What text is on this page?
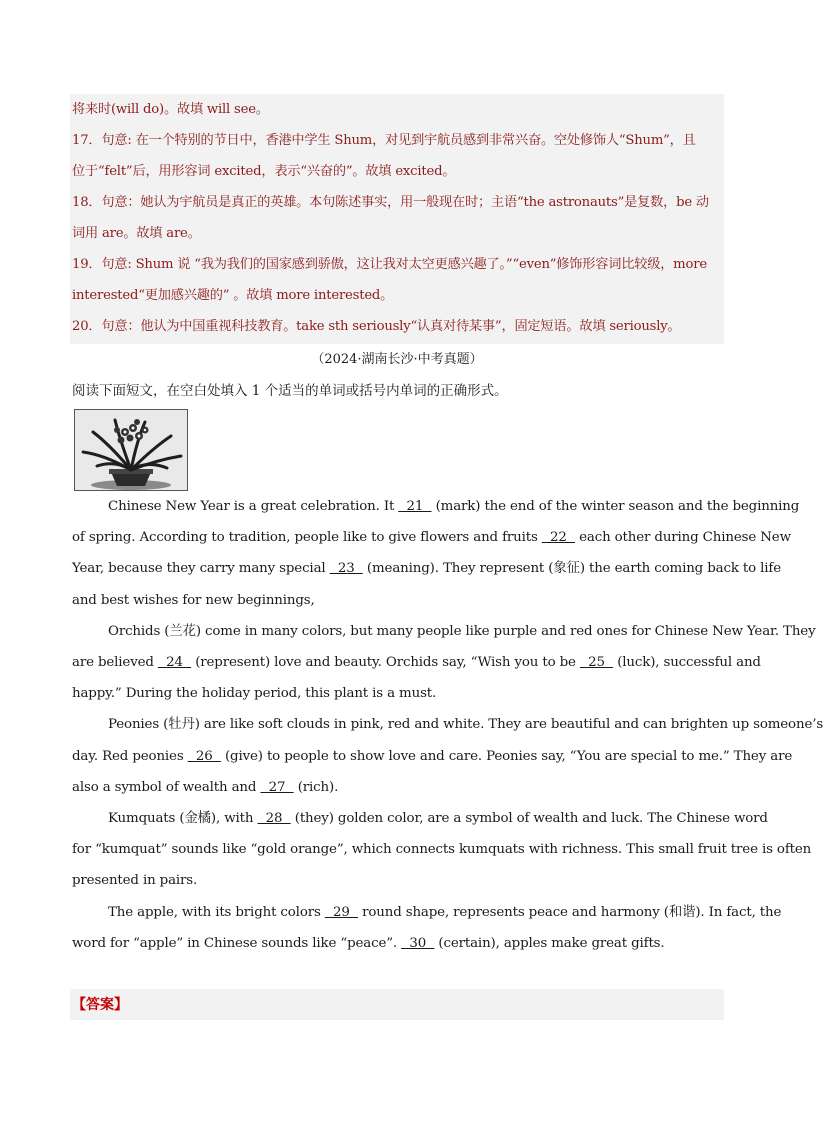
将来时(will do)。故填 will see。

17．句意: 在一个特别的节日中，香港中学生 Shum，对见到宇航员感到非常兴奋。空处修饰人“Shum”，且

位于“felt”后，用形容词 excited，表示“兴奋的”。故填 excited。

18．句意：她认为宇航员是真正的英雄。本句陈述事实，用一般现在时；主语“the astronauts”是复数，be 动

词用 are。故填 are。

19．句意: Shum 说 “我为我们的国家感到骄傲，这让我对太空更感兴趣了。”“even”修饰形容词比较级，more

interested“更加感兴趣的” 。故填 more interested。

20．句意：他认为中国重视科技教育。take sth seriously“认真对待某事”，固定短语。故填 seriously。

（2024·湖南长沙·中考真题）
阅读下面短文，在空白处填入 1 个适当的单词或括号内单词的正确形式。

Chinese New Year is a great celebration. It   21   (mark) the end of the winter season and the beginning

of spring. According to tradition, people like to give flowers and fruits   22   each other during Chinese New
Year, because they carry many special   23   (meaning). They represent (象征) the earth coming back to life
and best wishes for new beginnings,

Orchids (兰花) come in many colors, but many people like purple and red ones for Chinese New Year. They

are believed   24   (represent) love and beauty. Orchids say, “Wish you to be   25   (luck), successful and
happy.” During the holiday period, this plant is a must.

Peonies (牡丹) are like soft clouds in pink, red and white. They are beautiful and can brighten up someone’s

day. Red peonies   26   (give) to people to show love and care. Peonies say, “You are special to me.” They are
also a symbol of wealth and   27   (rich).

Kumquats (金橘), with   28   (they) golden color, are a symbol of wealth and luck. The Chinese word

for “kumquat” sounds like “gold orange”, which connects kumquats with richness. This small fruit tree is often
presented in pairs.

The apple, with its bright colors   29   round shape, represents peace and harmony (和谐). In fact, the

word for “apple” in Chinese sounds like “peace”.   30   (certain), apples make great gifts.

【答案】
